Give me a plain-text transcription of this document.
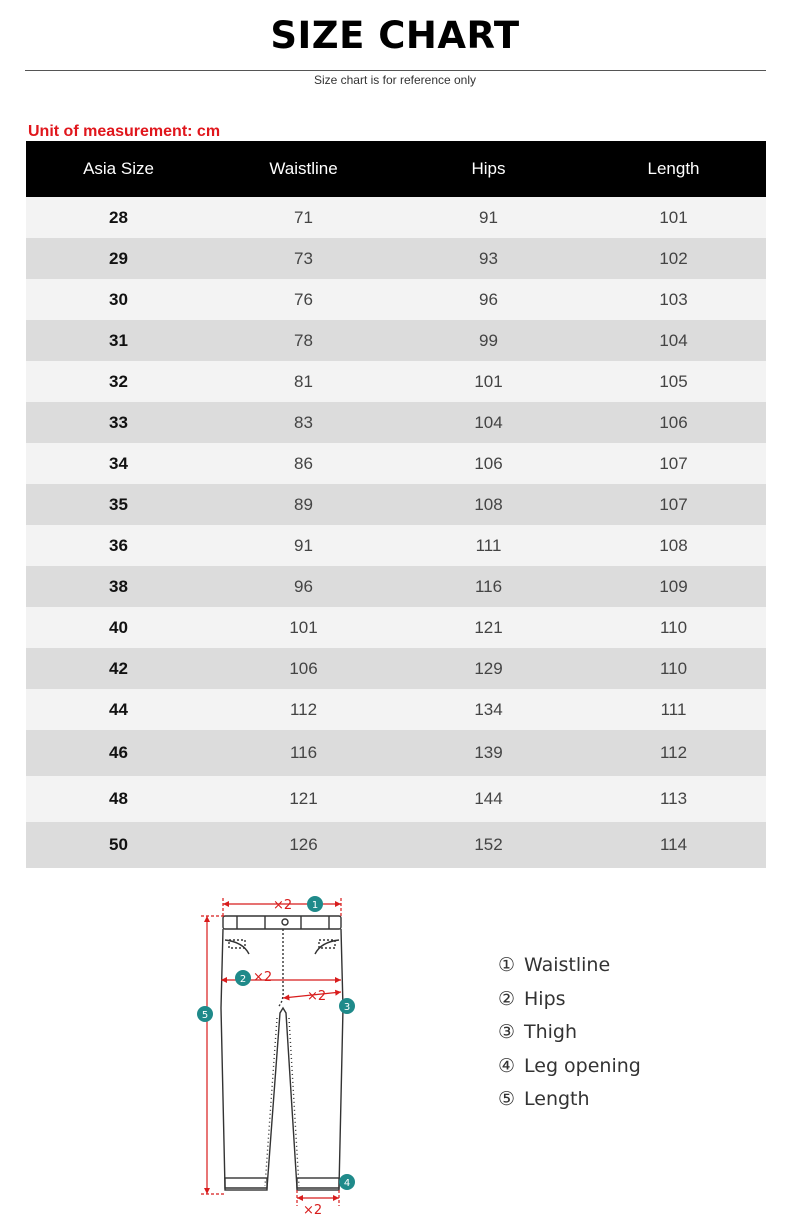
SIZE CHART
Size chart is for reference only
Unit of measurement: cm
Asia Size	Waistline	Hips	Length
28	71	91	101
29	73	93	102
30	76	96	103
31	78	99	104
32	81	101	105
33	83	104	106
34	86	106	107
35	89	108	107
36	91	111	108
38	96	116	109
40	101	121	110
42	106	129	110
44	112	134	111
46	116	139	112
48	121	144	113
50	126	152	114
×2
×2
×2
×2
1
2
3
4
5
① Waistline
② Hips
③ Thigh
④ Leg opening
⑤ Length
